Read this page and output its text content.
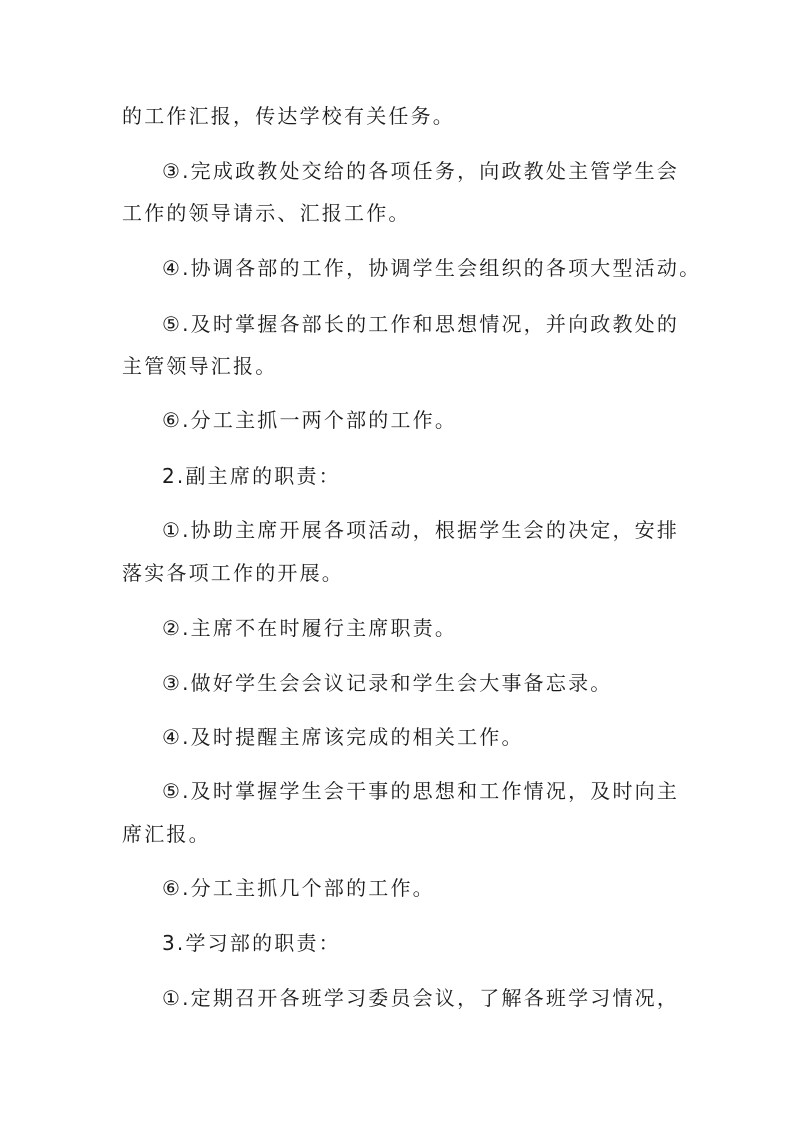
的工作汇报，传达学校有关任务。
③.完成政教处交给的各项任务，向政教处主管学生会
工作的领导请示、汇报工作。
④.协调各部的工作，协调学生会组织的各项大型活动。
⑤.及时掌握各部长的工作和思想情况，并向政教处的
主管领导汇报。
⑥.分工主抓一两个部的工作。
2.副主席的职责：
①.协助主席开展各项活动，根据学生会的决定，安排
落实各项工作的开展。
②.主席不在时履行主席职责。
③.做好学生会会议记录和学生会大事备忘录。
④.及时提醒主席该完成的相关工作。
⑤.及时掌握学生会干事的思想和工作情况，及时向主
席汇报。
⑥.分工主抓几个部的工作。
3.学习部的职责：
①.定期召开各班学习委员会议，了解各班学习情况，
